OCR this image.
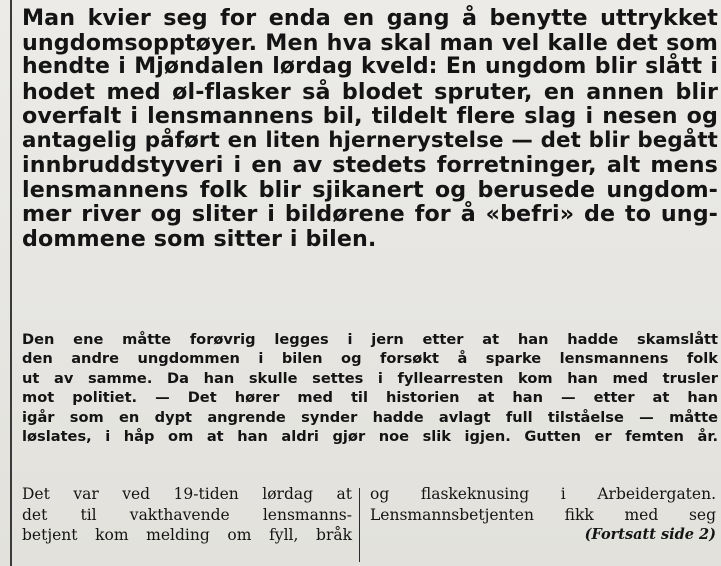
Man kvier seg for enda en gang å benytte uttrykket
ungdomsopptøyer. Men hva skal man vel kalle det som
hendte i Mjøndalen lørdag kveld: En ungdom blir slått i
hodet med øl-flasker så blodet spruter, en annen blir
overfalt i lensmannens bil, tildelt flere slag i nesen og
antagelig påført en liten hjernerystelse — det blir begått
innbruddstyveri i en av stedets forretninger, alt mens
lensmannens folk blir sjikanert og berusede ungdom-
mer river og sliter i bildørene for å «befri» de to ung-
dommene som sitter i bilen.

Den ene måtte forøvrig legges i jern etter at han hadde skamslått
den andre ungdommen i bilen og forsøkt å sparke lensmannens folk
ut av samme. Da han skulle settes i fyllearresten kom han med trusler
mot politiet. — Det hører med til historien at han — etter at han
igår som en dypt angrende synder hadde avlagt full tilståelse — måtte
løslates, i håp om at han aldri gjør noe slik igjen. Gutten er femten år.

Det var ved 19-tiden lørdag at
det til vakthavende lensmanns-
betjent kom melding om fyll, bråk

og flaskeknusing i Arbeidergaten.
Lensmannsbetjenten fikk med seg
(Fortsatt side 2)
